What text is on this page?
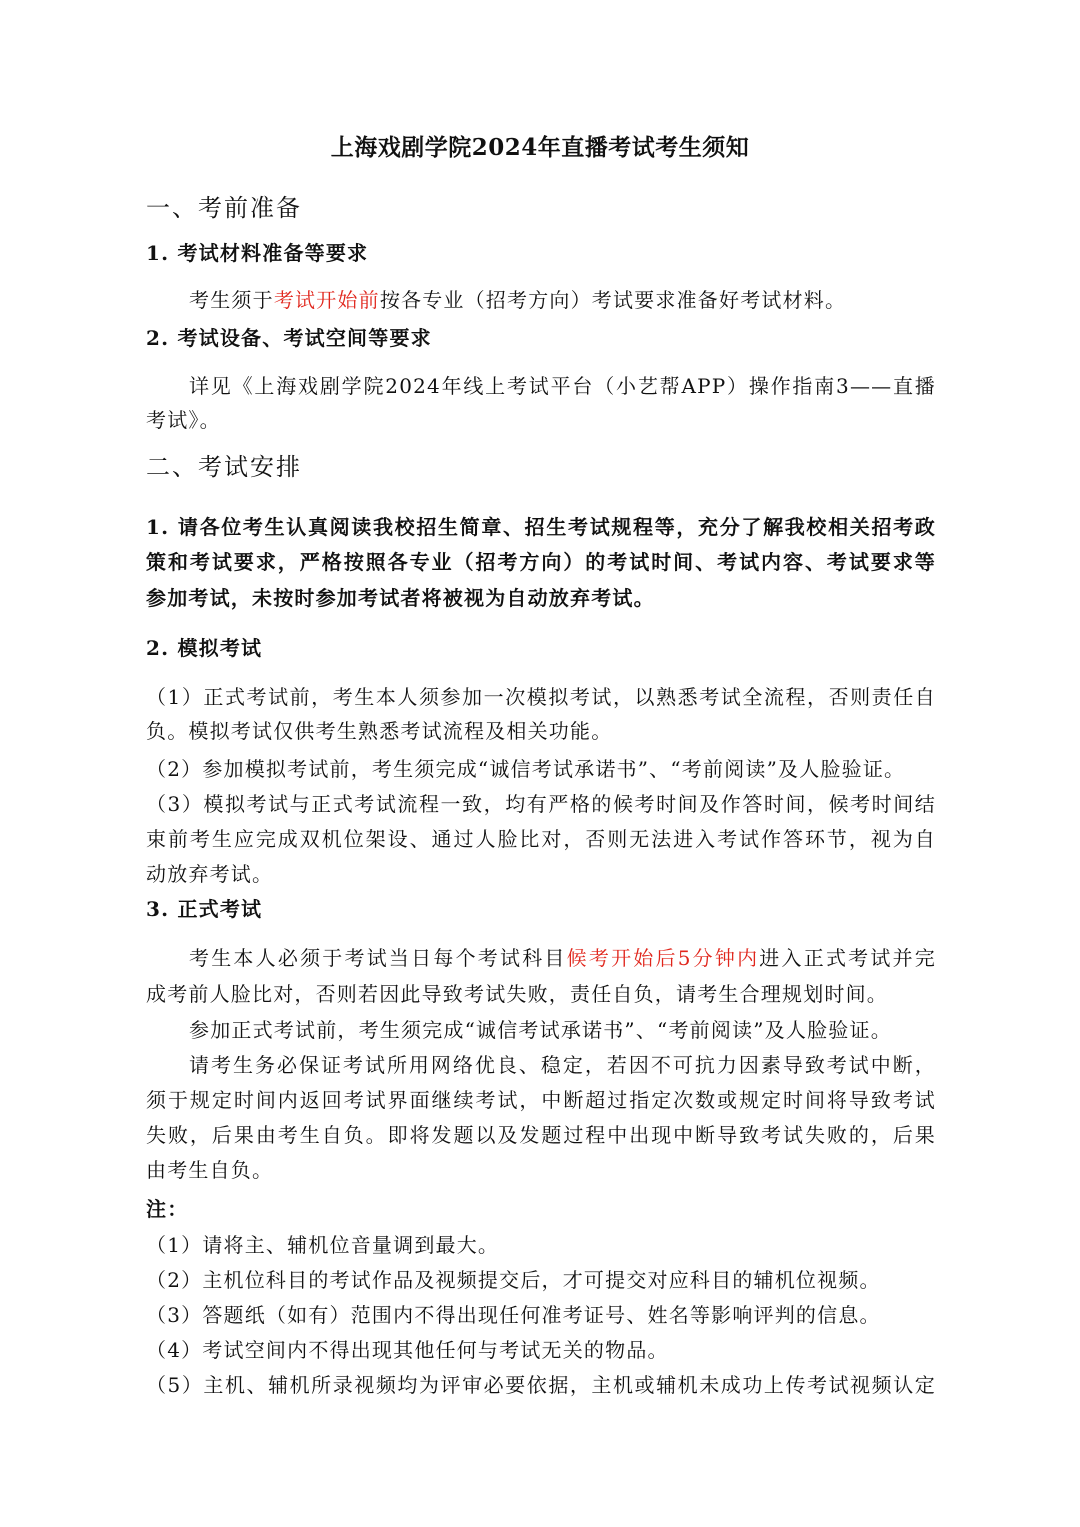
上海戏剧学院2024年直播考试考生须知
一、考前准备
1. 考试材料准备等要求
考生须于考试开始前按各专业（招考方向）考试要求准备好考试材料。
2. 考试设备、考试空间等要求
详见《上海戏剧学院2024年线上考试平台（小艺帮APP）操作指南3——直播
考试》。
二、考试安排
1. 请各位考生认真阅读我校招生简章、招生考试规程等，充分了解我校相关招考政
策和考试要求，严格按照各专业（招考方向）的考试时间、考试内容、考试要求等
参加考试，未按时参加考试者将被视为自动放弃考试。
2. 模拟考试
（1）正式考试前，考生本人须参加一次模拟考试，以熟悉考试全流程，否则责任自
负。模拟考试仅供考生熟悉考试流程及相关功能。
（2）参加模拟考试前，考生须完成“诚信考试承诺书”、“考前阅读”及人脸验证。
（3）模拟考试与正式考试流程一致，均有严格的候考时间及作答时间，候考时间结
束前考生应完成双机位架设、通过人脸比对，否则无法进入考试作答环节，视为自
动放弃考试。
3. 正式考试
考生本人必须于考试当日每个考试科目候考开始后5分钟内进入正式考试并完
成考前人脸比对，否则若因此导致考试失败，责任自负，请考生合理规划时间。
参加正式考试前，考生须完成“诚信考试承诺书”、“考前阅读”及人脸验证。
请考生务必保证考试所用网络优良、稳定，若因不可抗力因素导致考试中断，
须于规定时间内返回考试界面继续考试，中断超过指定次数或规定时间将导致考试
失败，后果由考生自负。即将发题以及发题过程中出现中断导致考试失败的，后果
由考生自负。
注：
（1）请将主、辅机位音量调到最大。
（2）主机位科目的考试作品及视频提交后，才可提交对应科目的辅机位视频。
（3）答题纸（如有）范围内不得出现任何准考证号、姓名等影响评判的信息。
（4）考试空间内不得出现其他任何与考试无关的物品。
（5）主机、辅机所录视频均为评审必要依据，主机或辅机未成功上传考试视频认定
